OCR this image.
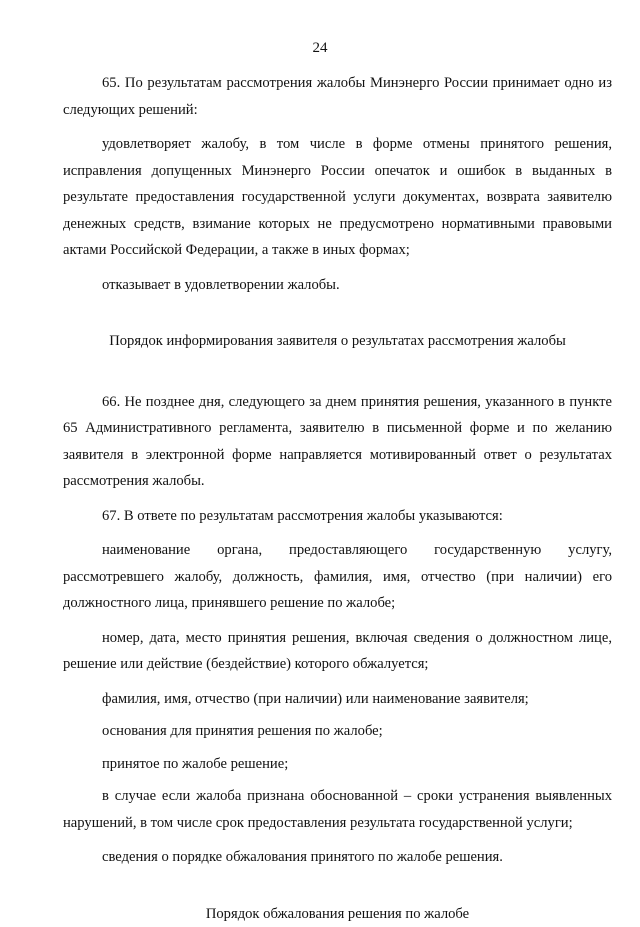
24

65. По результатам рассмотрения жалобы Минэнерго России принимает одно из следующих решений:

удовлетворяет жалобу, в том числе в форме отмены принятого решения, исправления допущенных Минэнерго России опечаток и ошибок в выданных в результате предоставления государственной услуги документах, возврата заявителю денежных средств, взимание которых не предусмотрено нормативными правовыми актами Российской Федерации, а также в иных формах;

отказывает в удовлетворении жалобы.

Порядок информирования заявителя о результатах рассмотрения жалобы

66. Не позднее дня, следующего за днем принятия решения, указанного в пункте 65 Административного регламента, заявителю в письменной форме и по желанию заявителя в электронной форме направляется мотивированный ответ о результатах рассмотрения жалобы.

67. В ответе по результатам рассмотрения жалобы указываются:

наименование органа, предоставляющего государственную услугу, рассмотревшего жалобу, должность, фамилия, имя, отчество (при наличии) его должностного лица, принявшего решение по жалобе;

номер, дата, место принятия решения, включая сведения о должностном лице, решение или действие (бездействие) которого обжалуется;

фамилия, имя, отчество (при наличии) или наименование заявителя;

основания для принятия решения по жалобе;

принятое по жалобе решение;

в случае если жалоба признана обоснованной – сроки устранения выявленных нарушений, в том числе срок предоставления результата государственной услуги;

сведения о порядке обжалования принятого по жалобе решения.

Порядок обжалования решения по жалобе
